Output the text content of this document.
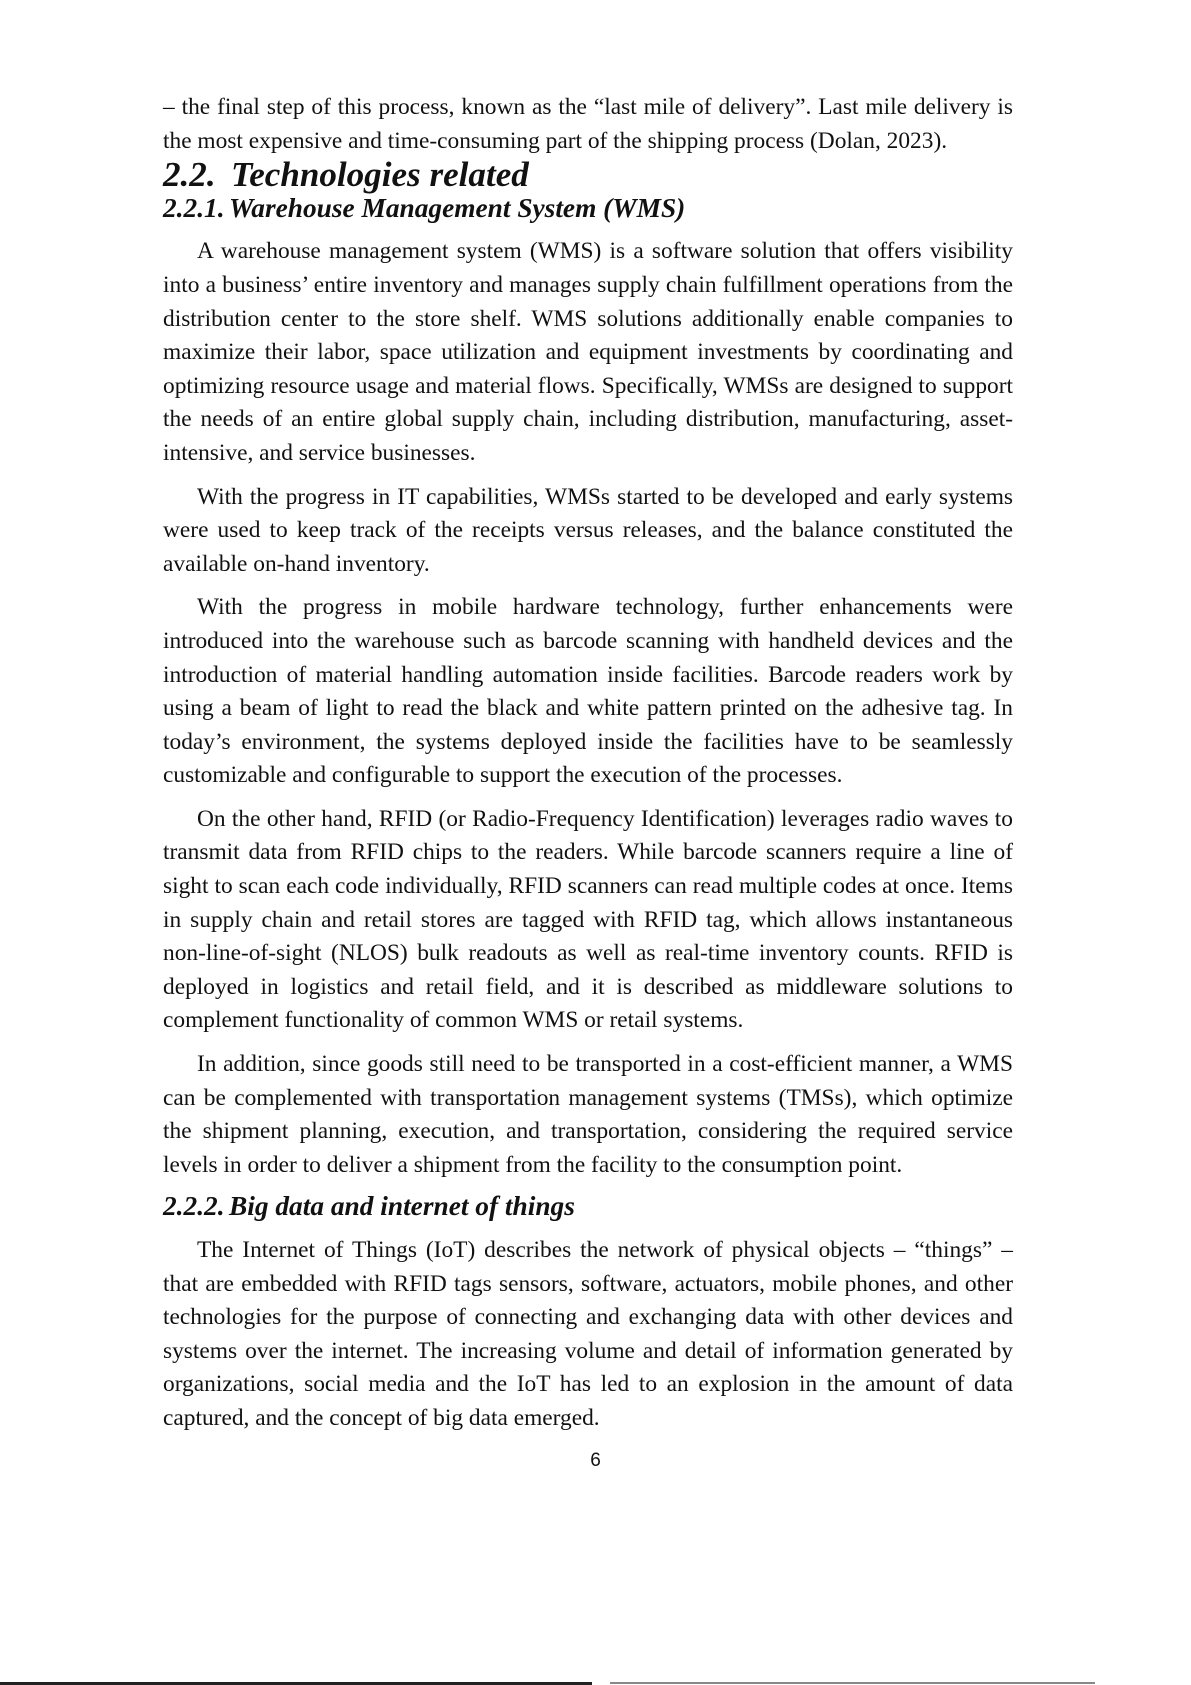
– the final step of this process, known as the “last mile of delivery”. Last mile delivery is the most expensive and time-consuming part of the shipping process (Dolan, 2023).

2.2. Technologies related
2.2.1. Warehouse Management System (WMS)

A warehouse management system (WMS) is a software solution that offers visibility into a business’ entire inventory and manages supply chain fulfillment operations from the distribution center to the store shelf. WMS solutions additionally enable companies to maximize their labor, space utilization and equipment investments by coordinating and optimizing resource usage and material flows. Specifically, WMSs are designed to support the needs of an entire global supply chain, including distribution, manufacturing, asset-intensive, and service businesses.

With the progress in IT capabilities, WMSs started to be developed and early systems were used to keep track of the receipts versus releases, and the balance constituted the available on-hand inventory.

With the progress in mobile hardware technology, further enhancements were introduced into the warehouse such as barcode scanning with handheld devices and the introduction of material handling automation inside facilities. Barcode readers work by using a beam of light to read the black and white pattern printed on the adhesive tag. In today’s environment, the systems deployed inside the facilities have to be seamlessly customizable and configurable to support the execution of the processes.

On the other hand, RFID (or Radio-Frequency Identification) leverages radio waves to transmit data from RFID chips to the readers. While barcode scanners require a line of sight to scan each code individually, RFID scanners can read multiple codes at once. Items in supply chain and retail stores are tagged with RFID tag, which allows instantaneous non-line-of-sight (NLOS) bulk readouts as well as real-time inventory counts. RFID is deployed in logistics and retail field, and it is described as middleware solutions to complement functionality of common WMS or retail systems.

In addition, since goods still need to be transported in a cost-efficient manner, a WMS can be complemented with transportation management systems (TMSs), which optimize the shipment planning, execution, and transportation, considering the required service levels in order to deliver a shipment from the facility to the consumption point.

2.2.2. Big data and internet of things

The Internet of Things (IoT) describes the network of physical objects – “things” – that are embedded with RFID tags sensors, software, actuators, mobile phones, and other technologies for the purpose of connecting and exchanging data with other devices and systems over the internet. The increasing volume and detail of information generated by organizations, social media and the IoT has led to an explosion in the amount of data captured, and the concept of big data emerged.

6
